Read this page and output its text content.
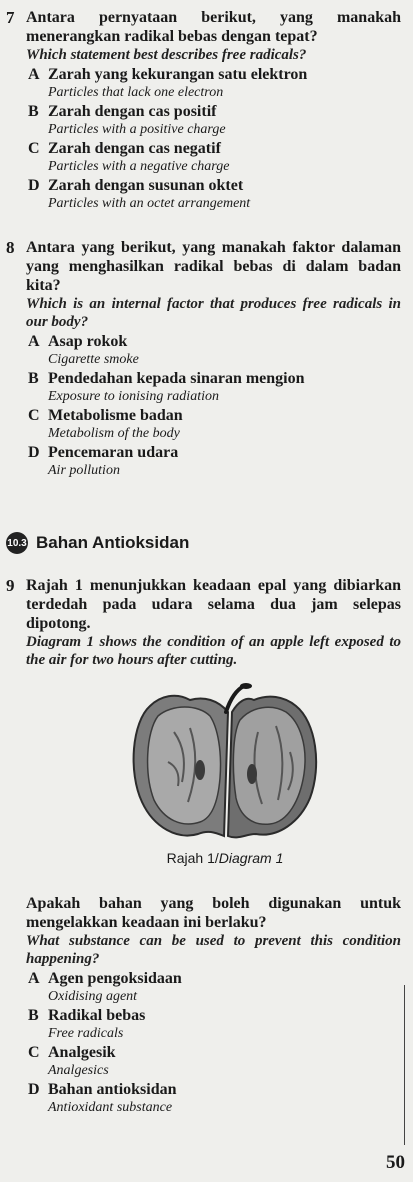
7 Antara pernyataan berikut, yang manakah menerangkan radikal bebas dengan tepat?
Which statement best describes free radicals?
A Zarah yang kekurangan satu elektron
Particles that lack one electron
B Zarah dengan cas positif
Particles with a positive charge
C Zarah dengan cas negatif
Particles with a negative charge
D Zarah dengan susunan oktet
Particles with an octet arrangement
8 Antara yang berikut, yang manakah faktor dalaman yang menghasilkan radikal bebas di dalam badan kita?
Which is an internal factor that produces free radicals in our body?
A Asap rokok
Cigarette smoke
B Pendedahan kepada sinaran mengion
Exposure to ionising radiation
C Metabolisme badan
Metabolism of the body
D Pencemaran udara
Air pollution
10.3 Bahan Antioksidan
9 Rajah 1 menunjukkan keadaan epal yang dibiarkan terdedah pada udara selama dua jam selepas dipotong.
Diagram 1 shows the condition of an apple left exposed to the air for two hours after cutting.
Rajah 1/Diagram 1
Apakah bahan yang boleh digunakan untuk mengelakkan keadaan ini berlaku?
What substance can be used to prevent this condition happening?
A Agen pengoksidaan
Oxidising agent
B Radikal bebas
Free radicals
C Analgesik
Analgesics
D Bahan antioksidan
Antioxidant substance
50
